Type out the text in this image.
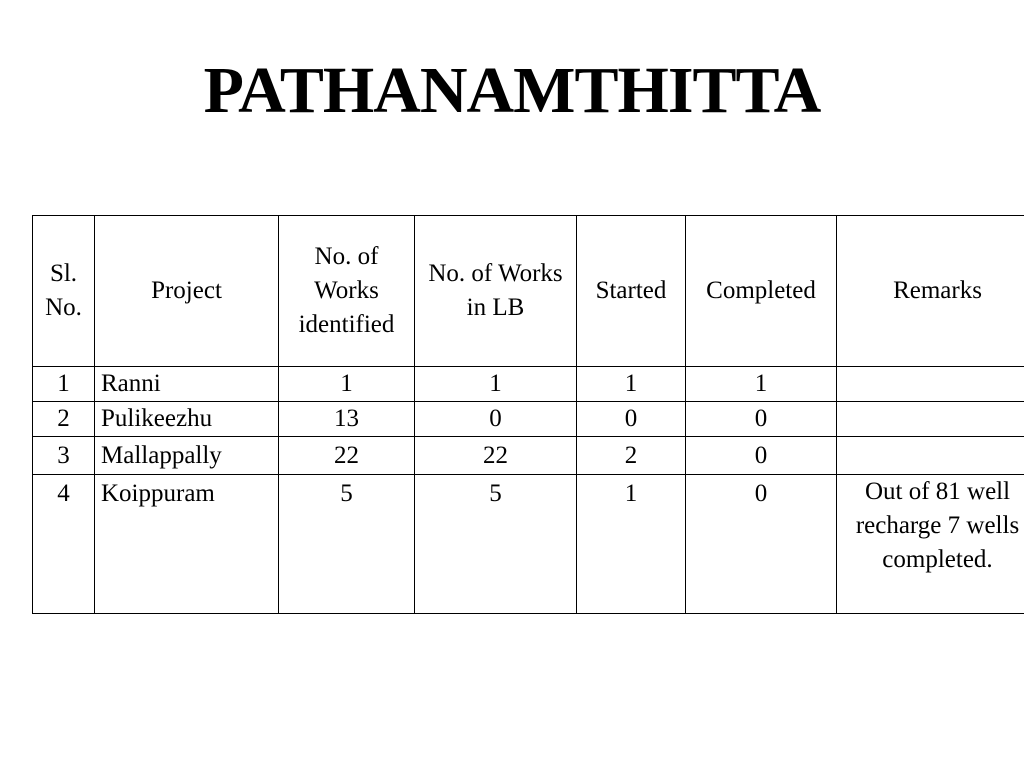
PATHANAMTHITTA
Sl. No.	Project	No. of Works identified	No. of Works in LB	Started	Completed	Remarks
1	Ranni	1	1	1	1	
2	Pulikeezhu	13	0	0	0	
3	Mallappally	22	22	2	0	
4	Koippuram	5	5	1	0	Out of 81 well recharge 7 wells completed.
